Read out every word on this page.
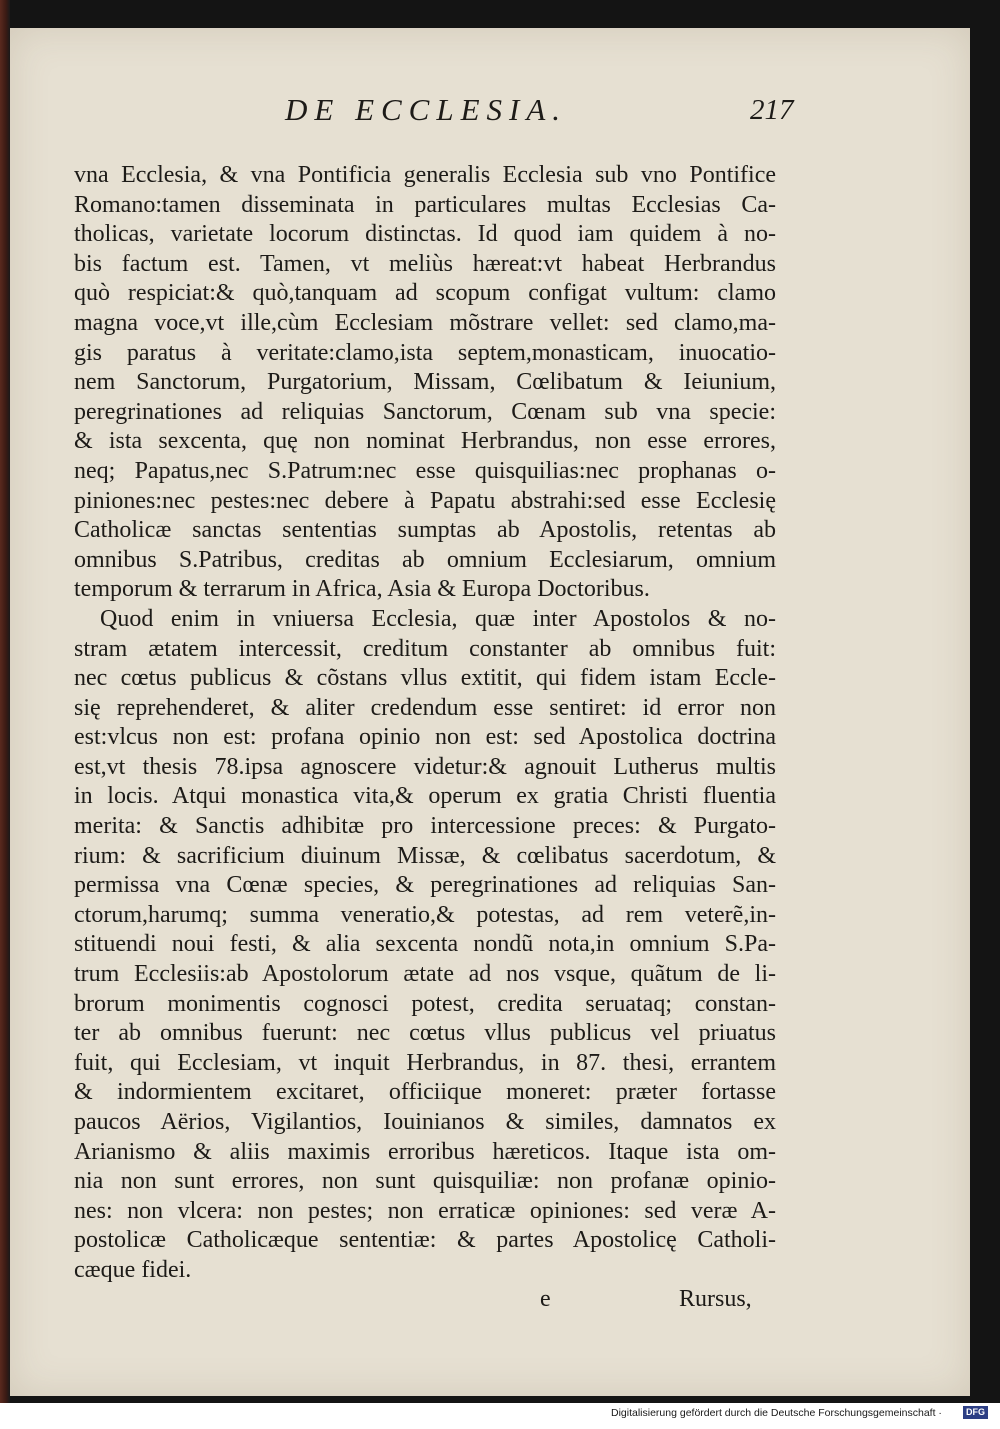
DE ECCLESIA.	217
vna Ecclesia, & vna Pontificia generalis Ecclesia sub vno Pontifice
Romano:tamen disseminata in particulares multas Ecclesias Ca-
tholicas, varietate locorum distinctas. Id quod iam quidem à no-
bis factum est. Tamen, vt meliùs hæreat:vt habeat Herbrandus
quò respiciat:& quò,tanquam ad scopum configat vultum: clamo
magna voce,vt ille,cùm Ecclesiam mõstrare vellet: sed clamo,ma-
gis paratus à veritate:clamo,ista septem,monasticam, inuocatio-
nem Sanctorum, Purgatorium, Missam, Cœlibatum & Ieiunium,
peregrinationes ad reliquias Sanctorum, Cœnam sub vna specie:
& ista sexcenta, quę non nominat Herbrandus, non esse errores,
neq; Papatus,nec S.Patrum:nec esse quisquilias:nec prophanas o-
piniones:nec pestes:nec debere à Papatu abstrahi:sed esse Ecclesię
Catholicæ sanctas sententias sumptas ab Apostolis, retentas ab
omnibus S.Patribus, creditas ab omnium Ecclesiarum, omnium
temporum & terrarum in Africa, Asia & Europa Doctoribus.
Quod enim in vniuersa Ecclesia, quæ inter Apostolos & no-
stram ætatem intercessit, creditum constanter ab omnibus fuit:
nec cœtus publicus & cõstans vllus extitit, qui fidem istam Eccle-
się reprehenderet, & aliter credendum esse sentiret: id error non
est:vlcus non est: profana opinio non est: sed Apostolica doctrina
est,vt thesis 78.ipsa agnoscere videtur:& agnouit Lutherus multis
in locis. Atqui monastica vita,& operum ex gratia Christi fluentia
merita: & Sanctis adhibitæ pro intercessione preces: & Purgato-
rium: & sacrificium diuinum Missæ, & cœlibatus sacerdotum, &
permissa vna Cœnæ species, & peregrinationes ad reliquias San-
ctorum,harumq; summa veneratio,& potestas, ad rem veterẽ,in-
stituendi noui festi, & alia sexcenta nondũ nota,in omnium S.Pa-
trum Ecclesiis:ab Apostolorum ætate ad nos vsque, quãtum de li-
brorum monimentis cognosci potest, credita seruataq; constan-
ter ab omnibus fuerunt: nec cœtus vllus publicus vel priuatus
fuit, qui Ecclesiam, vt inquit Herbrandus, in 87. thesi, errantem
& indormientem excitaret, officiique moneret: præter fortasse
paucos Aërios, Vigilantios, Iouinianos & similes, damnatos ex
Arianismo & aliis maximis erroribus hæreticos. Itaque ista om-
nia non sunt errores, non sunt quisquiliæ: non profanæ opinio-
nes: non vlcera: non pestes; non erraticæ opiniones: sed veræ A-
postolicæ Catholicæque sententiæ: & partes Apostolicę Catholi-
cæque fidei.
e	Rursus,
Digitalisierung gefördert durch die Deutsche Forschungsgemeinschaft ·	DFG
